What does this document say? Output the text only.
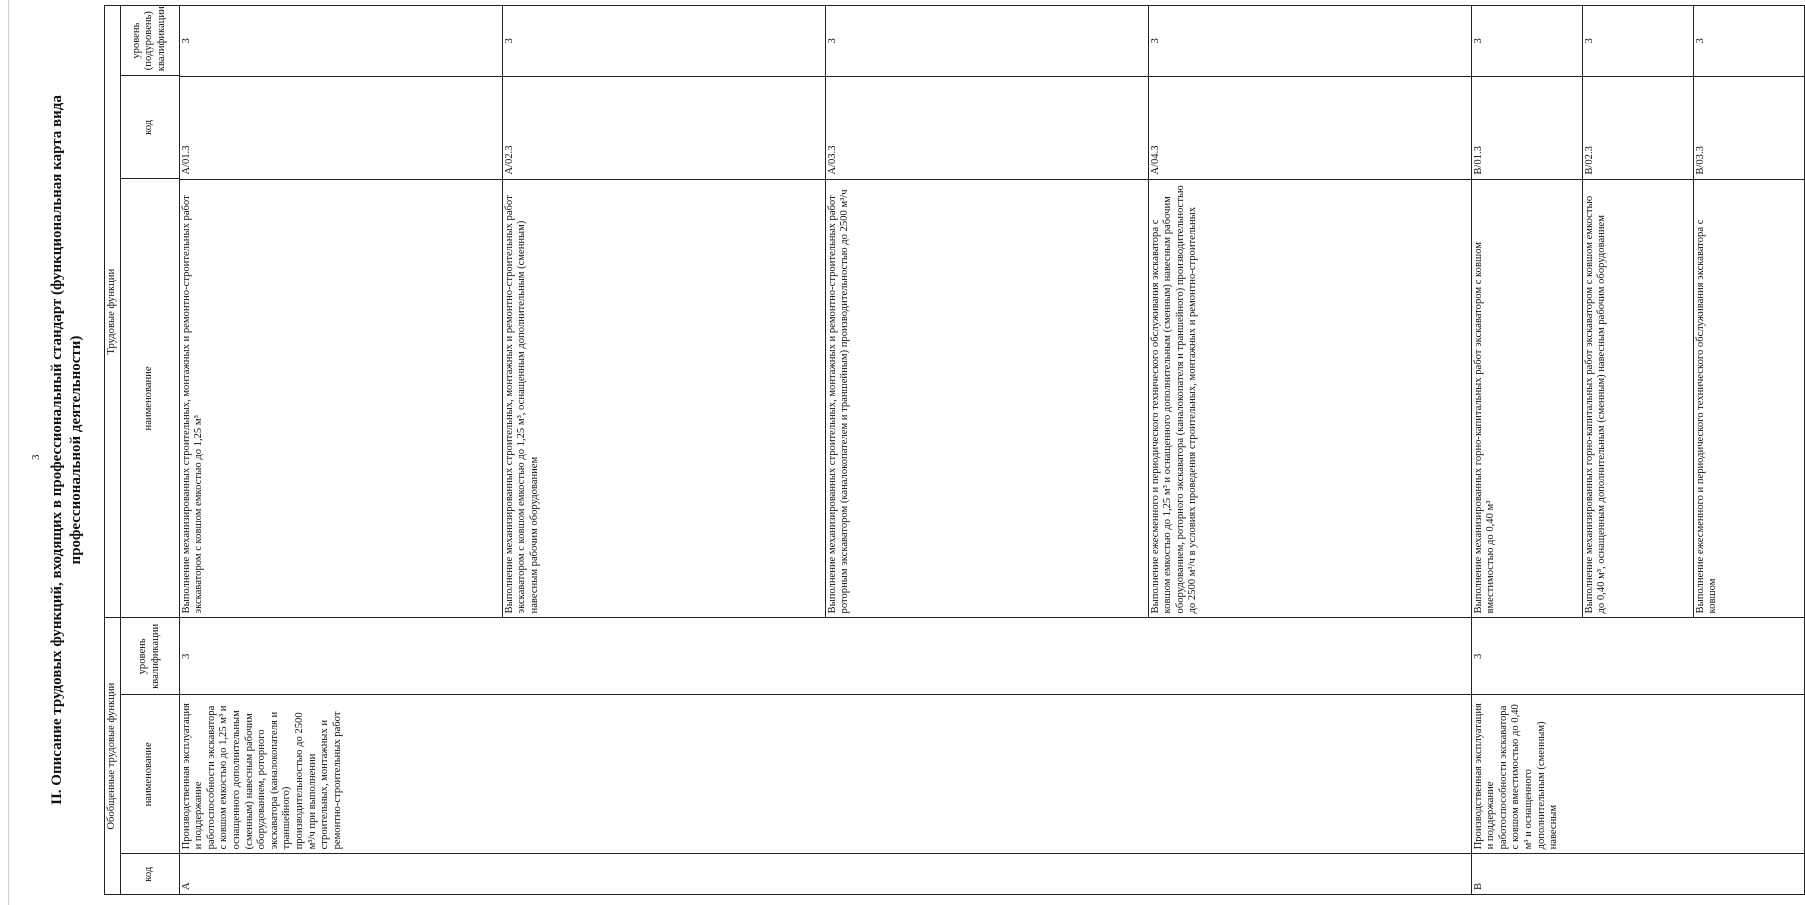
3 II. Описание трудовых функций, входящих в профессиональный стандарт (функциональная карта вида профессиональной деятельности)
Обобщенные трудовые функции	Трудовые функции
код	наименование	уровень квалификации	наименование	код	уровень (подуровень) квалификации
A	Производственная эксплуатация и поддержание работоспособности экскаватора с ковшом емкостью до 1,25 м³ и оснащенного дополнительным (сменным) навесным рабочим оборудованием, роторного экскаватора (каналокопателя и траншейного) производительностью до 2500 м³/ч при выполнении строительных, монтажных и ремонтно-строительных работ	3	
Выполнение механизированных строительных, монтажных и ремонтно-строительных работ экскаватором с ковшом емкостью до 1,25 м³	A/01.3	3
Выполнение механизированных строительных, монтажных и ремонтно-строительных работ экскаватором с ковшом емкостью до 1,25 м³, оснащенным дополнительным (сменным) навесным рабочим оборудованием	A/02.3	3
Выполнение механизированных строительных, монтажных и ремонтно-строительных работ роторным экскаватором (каналокопателем и траншейным) производительностью до 2500 м³/ч	A/03.3	3
Выполнение ежесменного и периодического технического обслуживания экскаватора с ковшом емкостью до 1,25 м³ и оснащенного дополнительным (сменным) навесным рабочим оборудованием, роторного экскаватора (каналокопателя и траншейного) производительностью до 2500 м³/ч в условиях проведения строительных, монтажных и ремонтно-строительных	A/04.3	3

B	Производственная эксплуатация и поддержание работоспособности экскаватора с ковшом вместимостью до 0,40 м³ и оснащенного дополнительным (сменным) навесным	3	
Выполнение механизированных горно-капитальных работ экскаватором с ковшом вместимостью до 0,40 м³	B/01.3	3
Выполнение механизированных горно-капитальных работ экскаватором с ковшом емкостью до 0,40 м³, оснащенным дополнительным (сменным) навесным рабочим оборудованием	B/02.3	3
Выполнение ежесменного и периодического технического обслуживания экскаватора с ковшом	B/03.3	3
